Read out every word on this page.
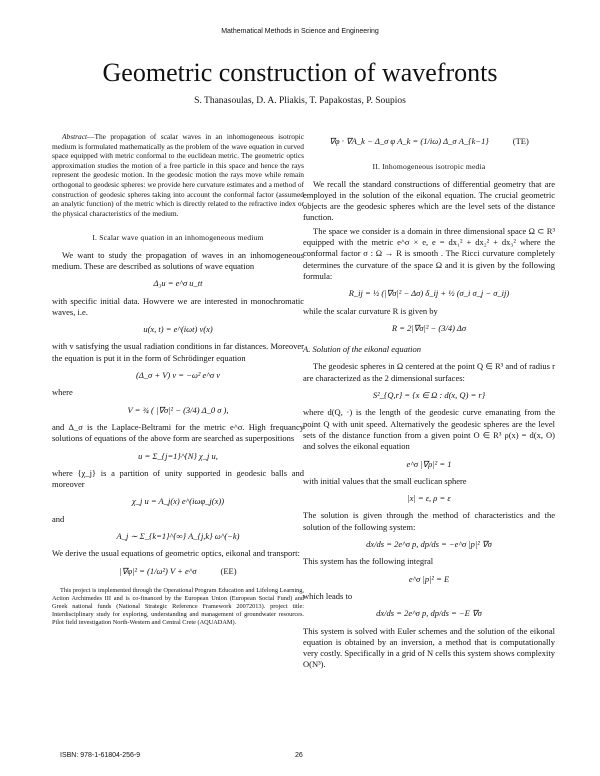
Mathematical Methods in Science and Engineering
Geometric construction of wavefronts
S. Thanasoulas, D. A. Pliakis, T. Papakostas, P. Soupios

Abstract—The propagation of scalar waves in an inhomogeneous isotropic medium is formulated mathematically as the problem of the wave equation in curved space equipped with metric conformal to the euclidean metric. The geometric optics approximation studies the motion of a free particle in this space and hence the rays represent the geodesic motion. In the geodesic motion the rays move while remain orthogonal to geodesic spheres: we provide here curvature estimates and a method of construction of geodesic spheres taking into account the conformal factor (assumed an analytic function) of the metric which is directly related to the refractive index or the physical characteristics of the medium.

I. Scalar wave quation in an inhomogeneous medium

We want to study the propagation of waves in an inhomogeneous medium. These are described as solutions of wave equation

Δ₃u = e^σ u_tt

with specific initial data. Howvere we are interested in monochromatic waves, i.e.

u(x, t) = e^(iωt) v(x)

with v satisfying the usual radiation conditions in far distances. Moreover the equation is put it in the form of Schrödinger equation

(Δ_σ + V) v = −ω² e^σ v

where

V = ¾ ( |∇σ|² − (3/4) Δ_0 σ ),

and Δ_σ is the Laplace-Beltrami for the metric e^σ. High frequancy solutions of equations of the above form are searched as superpositions

u = Σ_{j=1}^{N} χ_j u,

where {χ_j} is a partition of unity supported in geodesic balls and moreover

χ_j u = A_j(x) e^(iωφ_j(x))

and

A_j ∼ Σ_{k=1}^{∞} A_{j,k} ω^(−k)

We derive the usual equations of geometric optics, eikonal and transport:

|∇φ|² = (1/ω²) V + e^σ	(EE)
This project is implemented through the Operational Program Education and Lifelong Learning, Action Archimedes III and is co-financed by the European Union (European Social Fund) and Greek national funds (National Strategic Reference Framework 20072013). project title: Interdisciplinary study for exploring, understanding and management of groundwater resources. Pilot field investigation North-Western and Central Crete (AQUADAM).
∇φ · ∇A_k − Δ_σ φ A_k = (1/iω) Δ_σ A_{k−1}	(TE)
II. Inhomogeneous isotropic media

We recall the standard constructions of differential geometry that are employed in the solution of the eikonal equation. The crucial geometric objects are the geodesic spheres which are the level sets of the distance function.

The space we consider is a domain in three dimensional space Ω ⊂ R³ equipped with the metric e^σ × e, e = dx₁² + dx₂² + dx₃² where the conformal factor σ : Ω → R is smooth . The Ricci curvature completely determines the curvature of the space Ω and it is given by the following formula:

R_ij = ½ (|∇σ|² − Δσ) δ_ij + ½ (σ_i σ_j − σ_ij)

while the scalar curvature R is given by

R = 2|∇σ|² − (3/4) Δσ
A. Solution of the eikonal equation

The geodesic spheres in Ω centered at the point Q ∈ R³ and of radius r are characterized as the 2 dimensional surfaces:

S²_{Q,r} = {x ∈ Ω : d(x, Q) = r}

where d(Q, ·) is the length of the geodesic curve emanating from the point Q with unit speed. Alternatively the geodesic spheres are the level sets of the distance function from a given point O ∈ R³ ρ(x) = d(x, O) and solves the eikonal equation

e^σ |∇ρ|² = 1

with initial values that the small euclican sphere

|x| = ε, ρ = ε

The solution is given through the method of characteristics and the solution of the following system:

dx/ds = 2e^σ p, dp/ds = −e^σ |p|² ∇σ

This system has the following integral

e^σ |p|² = E

which leads to

dx/ds = 2e^σ p, dp/ds = −E ∇σ

This system is solved with Euler schemes and the solution of the eikonal equation is obtained by an inversion, a method that is computationally very costly. Specifically in a grid of N cells this system shows complexity O(N³).

ISBN: 978-1-61804-256-9	26
